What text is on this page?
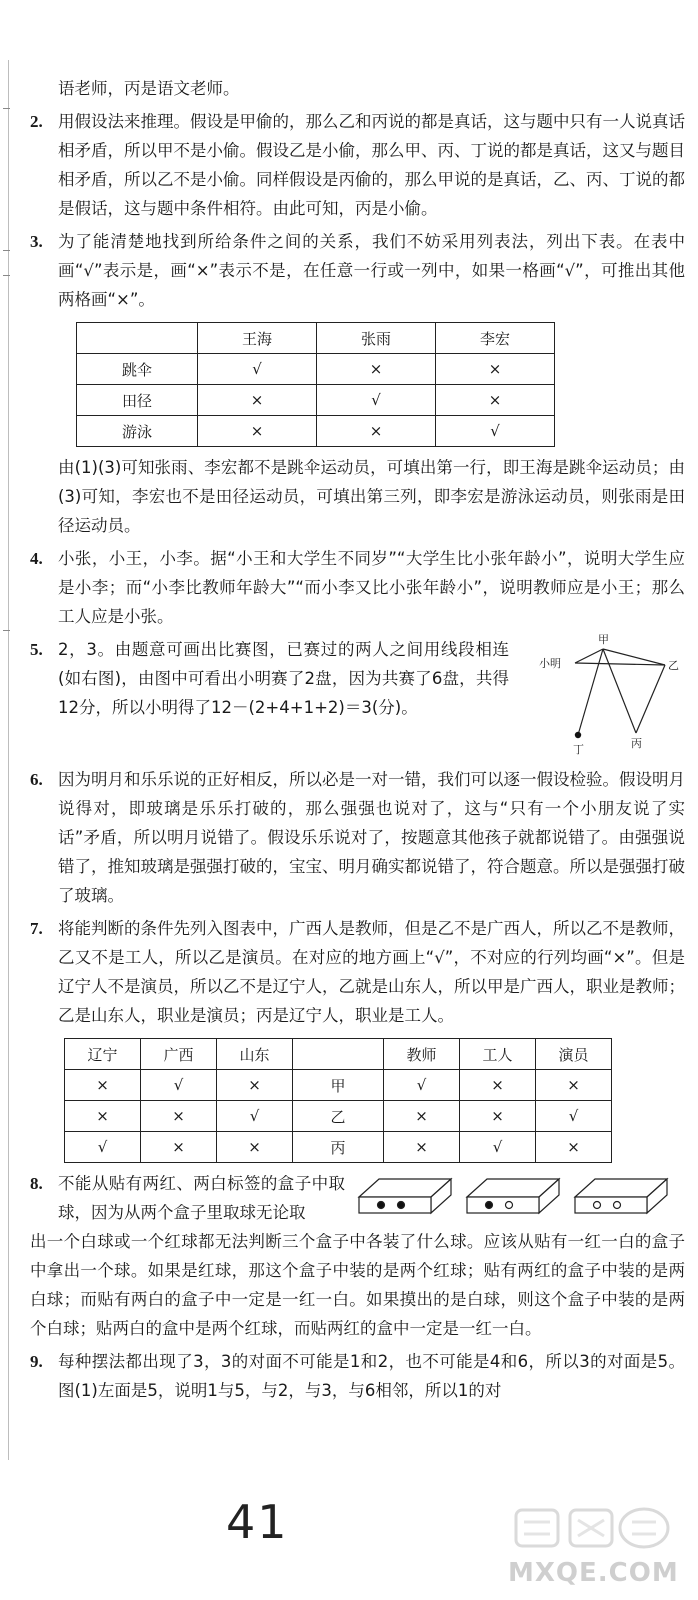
语老师，丙是语文老师。

2. 用假设法来推理。假设是甲偷的，那么乙和丙说的都是真话，这与题中只有一人说真话相矛盾，所以甲不是小偷。假设乙是小偷，那么甲、丙、丁说的都是真话，这又与题目相矛盾，所以乙不是小偷。同样假设是丙偷的，那么甲说的是真话，乙、丙、丁说的都是假话，这与题中条件相符。由此可知，丙是小偷。

3. 为了能清楚地找到所给条件之间的关系，我们不妨采用列表法，列出下表。在表中画“√”表示是，画“×”表示不是，在任意一行或一列中，如果一格画“√”，可推出其他两格画“×”。

	王海	张雨	李宏
跳伞	√	×	×
田径	×	√	×
游泳	×	×	√

由(1)(3)可知张雨、李宏都不是跳伞运动员，可填出第一行，即王海是跳伞运动员；由(3)可知，李宏也不是田径运动员，可填出第三列，即李宏是游泳运动员，则张雨是田径运动员。

4. 小张，小王，小李。据“小王和大学生不同岁”“大学生比小张年龄小”，说明大学生应是小李；而“小李比教师年龄大”“而小李又比小张年龄小”，说明教师应是小王；那么工人应是小张。

5. 2，3。由题意可画出比赛图，已赛过的两人之间用线段相连(如右图)，由图中可看出小明赛了2盘，因为共赛了6盘，共得12分，所以小明得了12－(2+4+1+2)＝3(分)。

甲
小明	乙
丁	丙
6. 因为明月和乐乐说的正好相反，所以必是一对一错，我们可以逐一假设检验。假设明月说得对，即玻璃是乐乐打破的，那么强强也说对了，这与“只有一个小朋友说了实话”矛盾，所以明月说错了。假设乐乐说对了，按题意其他孩子就都说错了。由强强说错了，推知玻璃是强强打破的，宝宝、明月确实都说错了，符合题意。所以是强强打破了玻璃。

7. 将能判断的条件先列入图表中，广西人是教师，但是乙不是广西人，所以乙不是教师，乙又不是工人，所以乙是演员。在对应的地方画上“√”，不对应的行列均画“×”。但是辽宁人不是演员，所以乙不是辽宁人，乙就是山东人，所以甲是广西人，职业是教师；乙是山东人，职业是演员；丙是辽宁人，职业是工人。

辽宁	广西	山东		教师	工人	演员
×	√	×	甲	√	×	×
×	×	√	乙	×	×	√
√	×	×	丙	×	√	×
8. 不能从贴有两红、两白标签的盒子中取球，因为从两个盒子里取球无论取

出一个白球或一个红球都无法判断三个盒子中各装了什么球。应该从贴有一红一白的盒子中拿出一个球。如果是红球，那这个盒子中装的是两个红球；贴有两红的盒子中装的是两白球；而贴有两白的盒子中一定是一红一白。如果摸出的是白球，则这个盒子中装的是两个白球；贴两白的盒中是两个红球，而贴两红的盒中一定是一红一白。

9. 每种摆法都出现了3，3的对面不可能是1和2，也不可能是4和6，所以3的对面是5。图(1)左面是5，说明1与5，与2，与3，与6相邻，所以1的对

41
MXQE.COM
